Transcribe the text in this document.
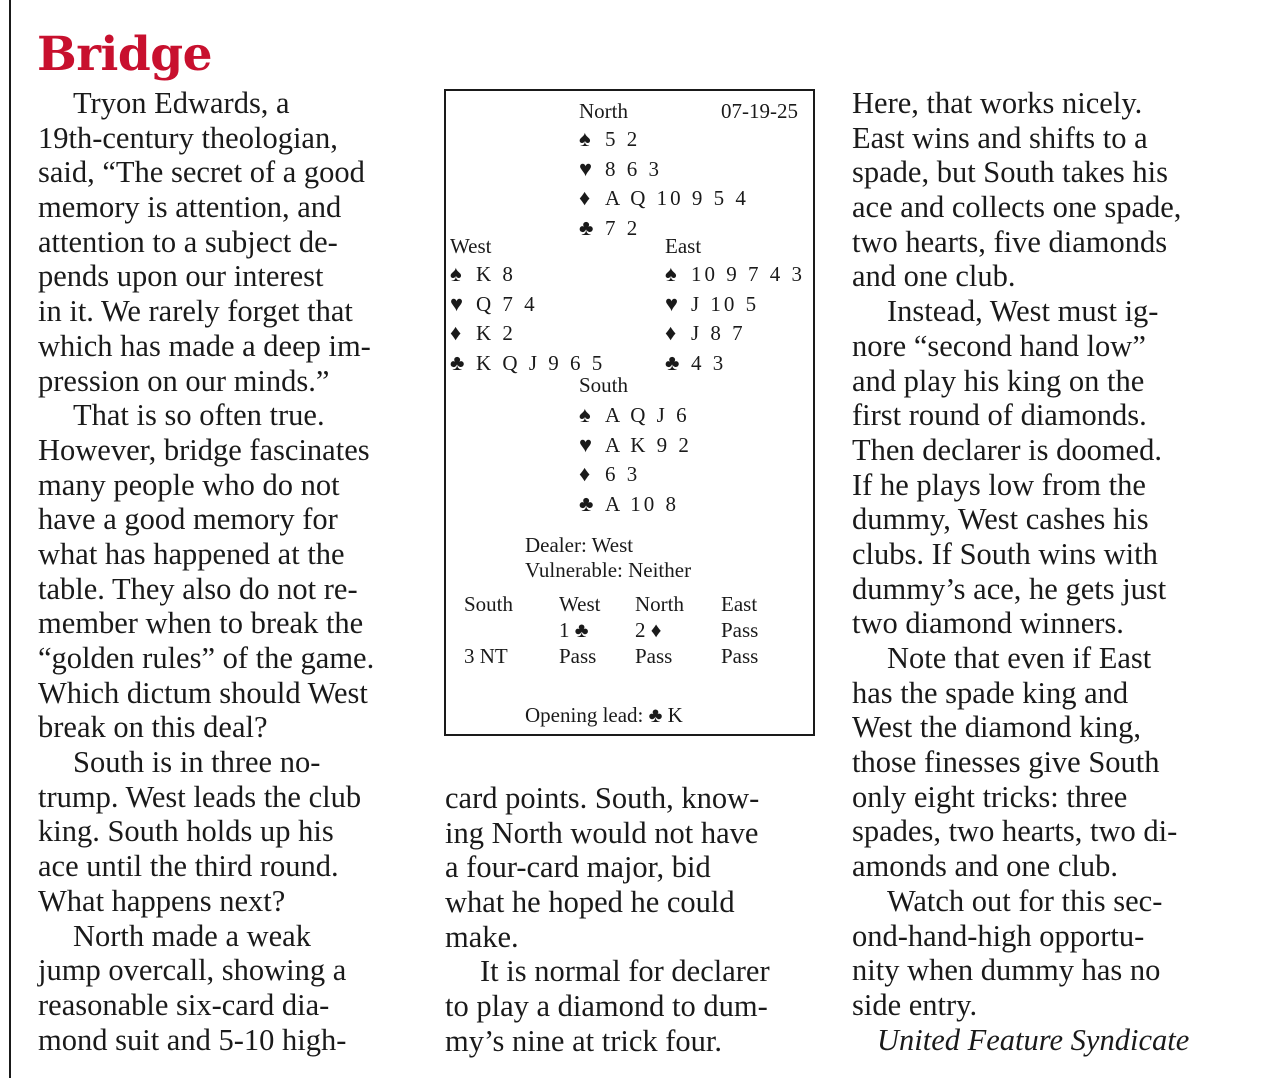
Bridge
Tryon Edwards, a
19th-century theologian,
said, “The secret of a good
memory is attention, and
attention to a subject de-
pends upon our interest
in it. We rarely forget that
which has made a deep im-
pression on our minds.”
That is so often true.
However, bridge fascinates
many people who do not
have a good memory for
what has happened at the
table. They also do not re-
member when to break the
“golden rules” of the game.
Which dictum should West
break on this deal?
South is in three no-
trump. West leads the club
king. South holds up his
ace until the third round.
What happens next?
North made a weak
jump overcall, showing a
reasonable six-card dia-
mond suit and 5-10 high-
North	07-19-25
♠ 5 2
♥ 8 6 3
♦ A Q 10 9 5 4
♣ 7 2
West
♠ K 8
♥ Q 7 4
♦ K 2
♣ K Q J 9 6 5
East
♠ 10 9 7 4 3
♥ J 10 5
♦ J 8 7
♣ 4 3
South
♠ A Q J 6
♥ A K 9 2
♦ 6 3
♣ A 10 8
Dealer: West
Vulnerable: Neither
South
3 NT
West
1 ♣
Pass
North
2 ♦
Pass
East
Pass
Pass
Opening lead: ♣ K
card points. South, know-
ing North would not have
a four-card major, bid
what he hoped he could
make.
It is normal for declarer
to play a diamond to dum-
my’s nine at trick four.
Here, that works nicely.
East wins and shifts to a
spade, but South takes his
ace and collects one spade,
two hearts, five diamonds
and one club.
Instead, West must ig-
nore “second hand low”
and play his king on the
first round of diamonds.
Then declarer is doomed.
If he plays low from the
dummy, West cashes his
clubs. If South wins with
dummy’s ace, he gets just
two diamond winners.
Note that even if East
has the spade king and
West the diamond king,
those finesses give South
only eight tricks: three
spades, two hearts, two di-
amonds and one club.
Watch out for this sec-
ond-hand-high opportu-
nity when dummy has no
side entry.
United Feature Syndicate
